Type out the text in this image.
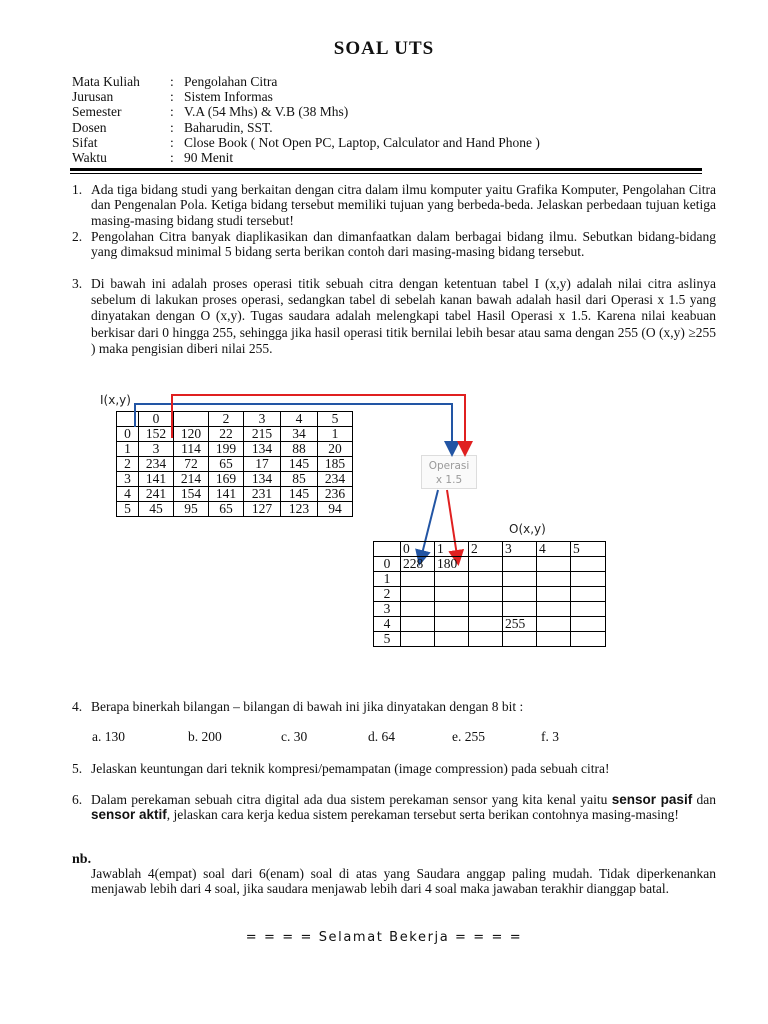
SOAL UTS
Mata Kuliah	: Pengolahan Citra
Jurusan	: Sistem Informas
Semester	: V.A (54 Mhs) & V.B (38 Mhs)
Dosen	: Baharudin, SST.
Sifat	: Close Book ( Not Open PC, Laptop, Calculator and Hand Phone )
Waktu	: 90 Menit
1. Ada tiga bidang studi yang berkaitan dengan citra dalam ilmu komputer yaitu Grafika Komputer, Pengolahan Citra dan Pengenalan Pola. Ketiga bidang tersebut memiliki tujuan yang berbeda-beda. Jelaskan perbedaan tujuan ketiga masing-masing bidang studi tersebut!
2. Pengolahan Citra banyak diaplikasikan dan dimanfaatkan dalam berbagai bidang ilmu. Sebutkan bidang-bidang yang dimaksud minimal 5 bidang serta berikan contoh dari masing-masing bidang tersebut.
3. Di bawah ini adalah proses operasi titik sebuah citra dengan ketentuan tabel I (x,y) adalah nilai citra aslinya sebelum di lakukan proses operasi, sedangkan tabel di sebelah kanan bawah adalah hasil dari Operasi x 1.5 yang dinyatakan dengan O (x,y). Tugas saudara adalah melengkapi tabel Hasil Operasi x 1.5. Karena nilai keabuan berkisar dari 0 hingga 255, sehingga jika hasil operasi titik bernilai lebih besar atau sama dengan 255 (O (x,y) ≥255 ) maka pengisian diberi nilai 255.
I(x,y)
	0		2	3	4	5
0	152	120	22	215	34	1
1	3	114	199	134	88	20
2	234	72	65	17	145	185
3	141	214	169	134	85	234
4	241	154	141	231	145	236
5	45	95	65	127	123	94
Operasi
x 1.5
O(x,y)
	0	1	2	3	4	5
0	228	180				
1						
2						
3						
4				255		
5						
4. Berapa binerkah bilangan – bilangan di bawah ini jika dinyatakan dengan 8 bit :
a. 130	b. 200	c. 30	d. 64	e. 255	f. 3
5. Jelaskan keuntungan dari teknik kompresi/pemampatan (image compression) pada sebuah citra!
6. Dalam perekaman sebuah citra digital ada dua sistem perekaman sensor yang kita kenal yaitu sensor pasif dan sensor aktif, jelaskan cara kerja kedua sistem perekaman tersebut serta berikan contohnya masing-masing!
nb.
Jawablah 4(empat) soal dari 6(enam) soal di atas yang Saudara anggap paling mudah. Tidak diperkenankan menjawab lebih dari 4 soal, jika saudara menjawab lebih dari 4 soal maka jawaban terakhir dianggap batal.
= = = = Selamat Bekerja = = = =
